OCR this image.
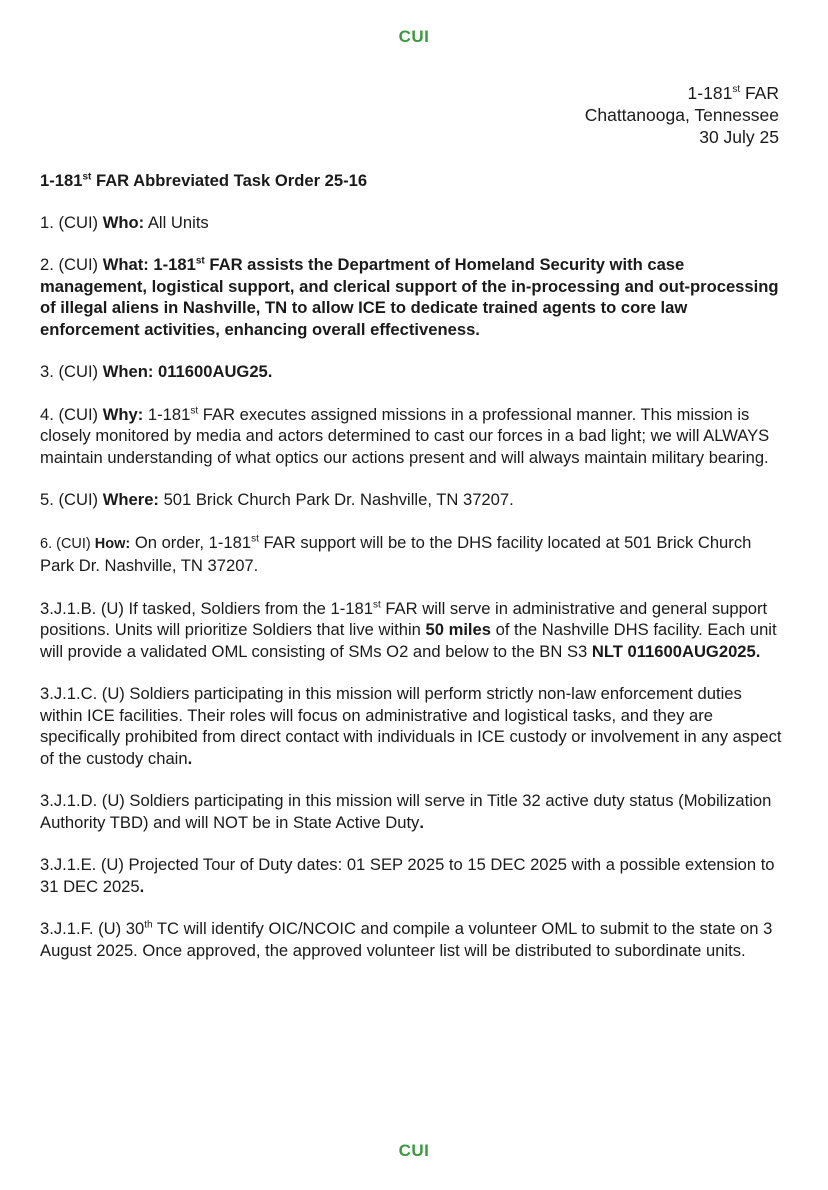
CUI
1-181st FAR
Chattanooga, Tennessee
30 July 25

1-181st FAR Abbreviated Task Order 25-16

1. (CUI) Who: All Units

2. (CUI) What: 1-181st FAR assists the Department of Homeland Security with case management, logistical support, and clerical support of the in-processing and out-processing of illegal aliens in Nashville, TN to allow ICE to dedicate trained agents to core law enforcement activities, enhancing overall effectiveness.

3. (CUI) When: 011600AUG25.

4. (CUI) Why: 1-181st FAR executes assigned missions in a professional manner. This mission is closely monitored by media and actors determined to cast our forces in a bad light; we will ALWAYS maintain understanding of what optics our actions present and will always maintain military bearing.

5. (CUI) Where: 501 Brick Church Park Dr. Nashville, TN 37207.

6. (CUI) How: On order, 1-181st FAR support will be to the DHS facility located at 501 Brick Church Park Dr. Nashville, TN 37207.

3.J.1.B. (U) If tasked, Soldiers from the 1-181st FAR will serve in administrative and general support positions. Units will prioritize Soldiers that live within 50 miles of the Nashville DHS facility. Each unit will provide a validated OML consisting of SMs O2 and below to the BN S3 NLT 011600AUG2025.

3.J.1.C. (U) Soldiers participating in this mission will perform strictly non-law enforcement duties within ICE facilities. Their roles will focus on administrative and logistical tasks, and they are specifically prohibited from direct contact with individuals in ICE custody or involvement in any aspect of the custody chain.

3.J.1.D. (U) Soldiers participating in this mission will serve in Title 32 active duty status (Mobilization Authority TBD) and will NOT be in State Active Duty.

3.J.1.E. (U) Projected Tour of Duty dates: 01 SEP 2025 to 15 DEC 2025 with a possible extension to 31 DEC 2025.

3.J.1.F. (U) 30th TC will identify OIC/NCOIC and compile a volunteer OML to submit to the state on 3 August 2025. Once approved, the approved volunteer list will be distributed to subordinate units.

CUI
